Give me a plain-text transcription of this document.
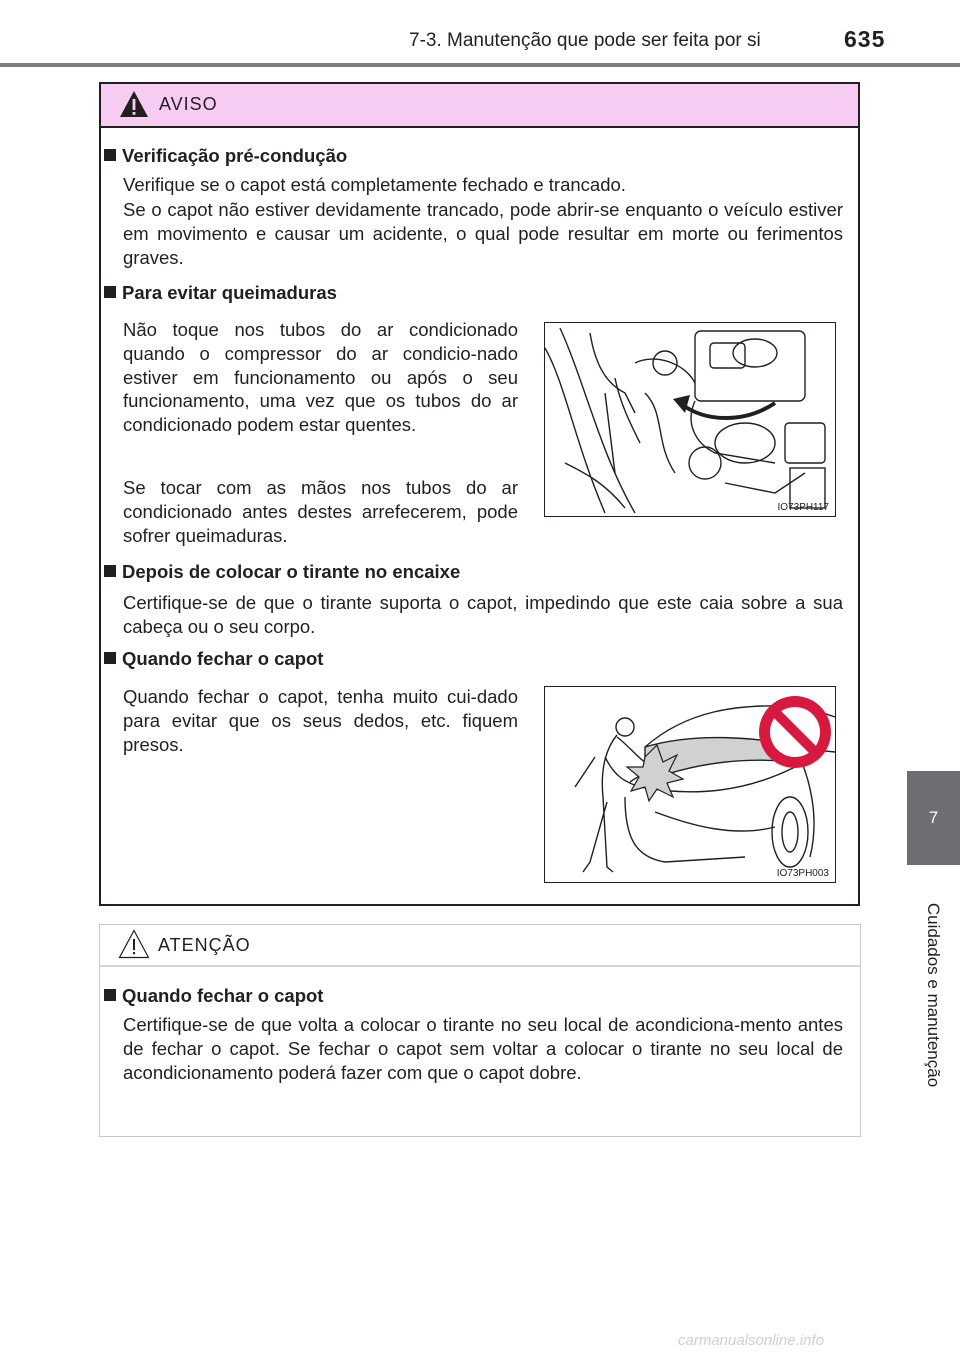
7-3. Manutenção que pode ser feita por si	635
7
Cuidados e manutenção
AVISO
Verificação pré-condução
Verifique se o capot está completamente fechado e trancado.
Se o capot não estiver devidamente trancado, pode abrir-se enquanto o veículo estiver em movimento e causar um acidente, o qual pode resultar em morte ou ferimentos graves.
Para evitar queimaduras
Não toque nos tubos do ar condicionado quando o compressor do ar condicio-nado estiver em funcionamento ou após o seu funcionamento, uma vez que os tubos do ar condicionado podem estar quentes.
Se tocar com as mãos nos tubos do ar condicionado antes destes arrefecerem, pode sofrer queimaduras.
IO73PH117
Depois de colocar o tirante no encaixe
Certifique-se de que o tirante suporta o capot, impedindo que este caia sobre a sua cabeça ou o seu corpo.
Quando fechar o capot
Quando fechar o capot, tenha muito cui-dado para evitar que os seus dedos, etc. fiquem presos.
IO73PH003
ATENÇÃO
Quando fechar o capot
Certifique-se de que volta a colocar o tirante no seu local de acondiciona-mento antes de fechar o capot. Se fechar o capot sem voltar a colocar o tirante no seu local de acondicionamento poderá fazer com que o capot dobre.
carmanualsonline.info
